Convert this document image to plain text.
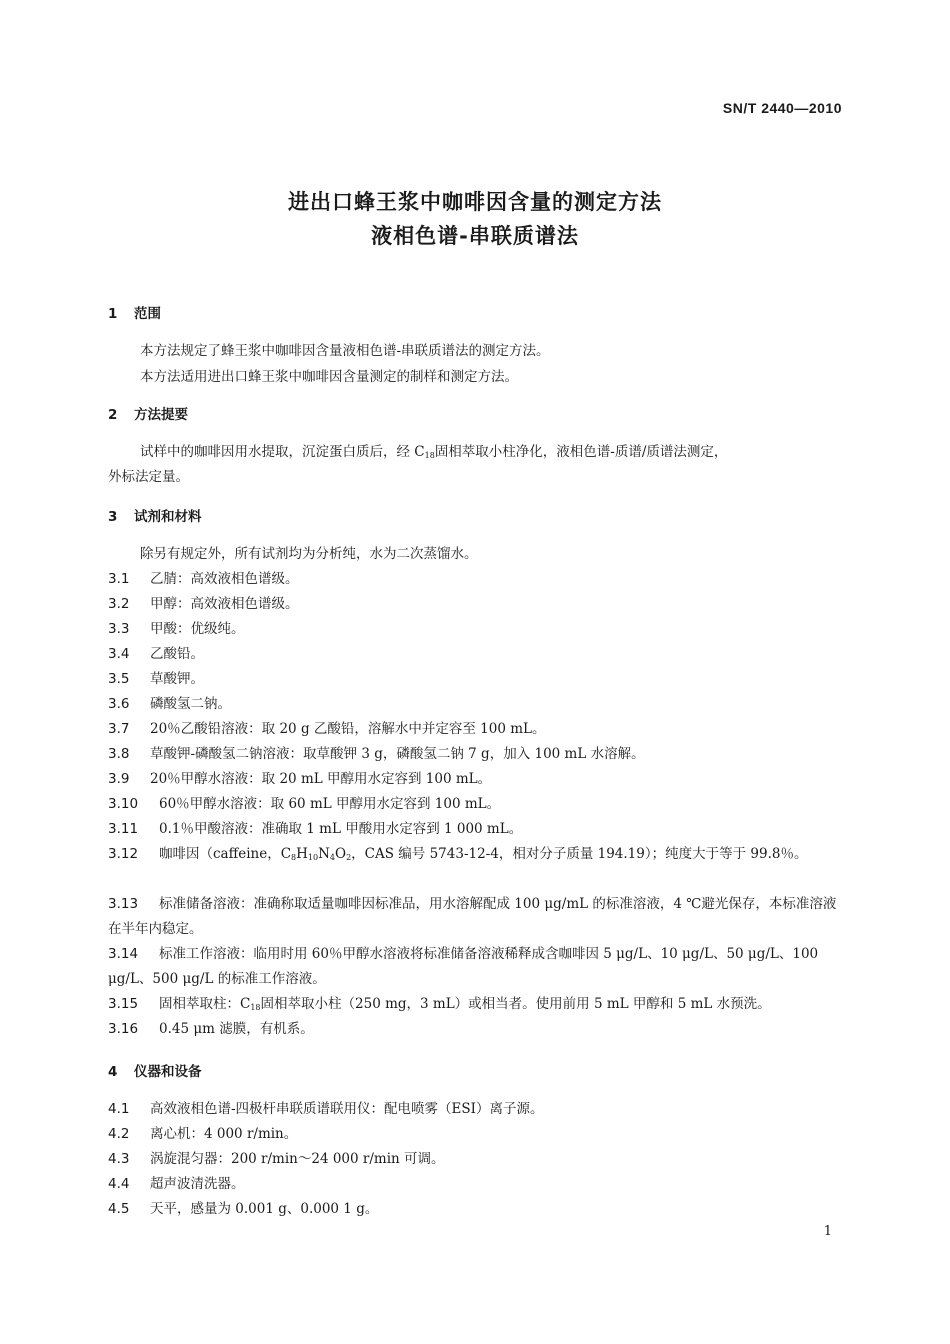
SN/T 2440—2010
进出口蜂王浆中咖啡因含量的测定方法
液相色谱-串联质谱法
1 范围
本方法规定了蜂王浆中咖啡因含量液相色谱-串联质谱法的测定方法。
本方法适用进出口蜂王浆中咖啡因含量测定的制样和测定方法。
2 方法提要
试样中的咖啡因用水提取，沉淀蛋白质后，经 $C_{18}$固相萃取小柱净化，液相色谱-质谱/质谱法测定，
外标法定量。
3 试剂和材料
除另有规定外，所有试剂均为分析纯，水为二次蒸馏水。
3.1 乙腈：高效液相色谱级。
3.2 甲醇：高效液相色谱级。
3.3 甲酸：优级纯。
3.4 乙酸铅。
3.5 草酸钾。
3.6 磷酸氢二钠。
3.7 20％乙酸铅溶液：取 20 g 乙酸铅，溶解水中并定容至 100 mL。
3.8 草酸钾-磷酸氢二钠溶液：取草酸钾 3 g，磷酸氢二钠 7 g，加入 100 mL 水溶解。
3.9 20％甲醇水溶液：取 20 mL 甲醇用水定容到 100 mL。
3.10 60％甲醇水溶液：取 60 mL 甲醇用水定容到 100 mL。
3.11 0.1％甲酸溶液：准确取 1 mL 甲酸用水定容到 1 000 mL。
3.12 咖啡因（caffeine，$C_8H_{10}N_4O_2$，CAS 编号 5743-12-4，相对分子质量 194.19）；纯度大于等于 99.8％。
3.13 标准储备溶液：准确称取适量咖啡因标准品，用水溶解配成 100 μg/mL 的标准溶液，4 ℃避光保存，本标准溶液在半年内稳定。
3.14 标准工作溶液：临用时用 60％甲醇水溶液将标准储备溶液稀释成含咖啡因 5 μg/L、10 μg/L、50 μg/L、100 μg/L、500 μg/L 的标准工作溶液。
3.15 固相萃取柱：$C_{18}$固相萃取小柱（250 mg，3 mL）或相当者。使用前用 5 mL 甲醇和 5 mL 水预洗。
3.16 0.45 μm 滤膜，有机系。
4 仪器和设备
4.1 高效液相色谱-四极杆串联质谱联用仪：配电喷雾（ESI）离子源。
4.2 离心机：4 000 r/min。
4.3 涡旋混匀器：200 r/min～24 000 r/min 可调。
4.4 超声波清洗器。
4.5 天平，感量为 0.001 g、0.000 1 g。
1
